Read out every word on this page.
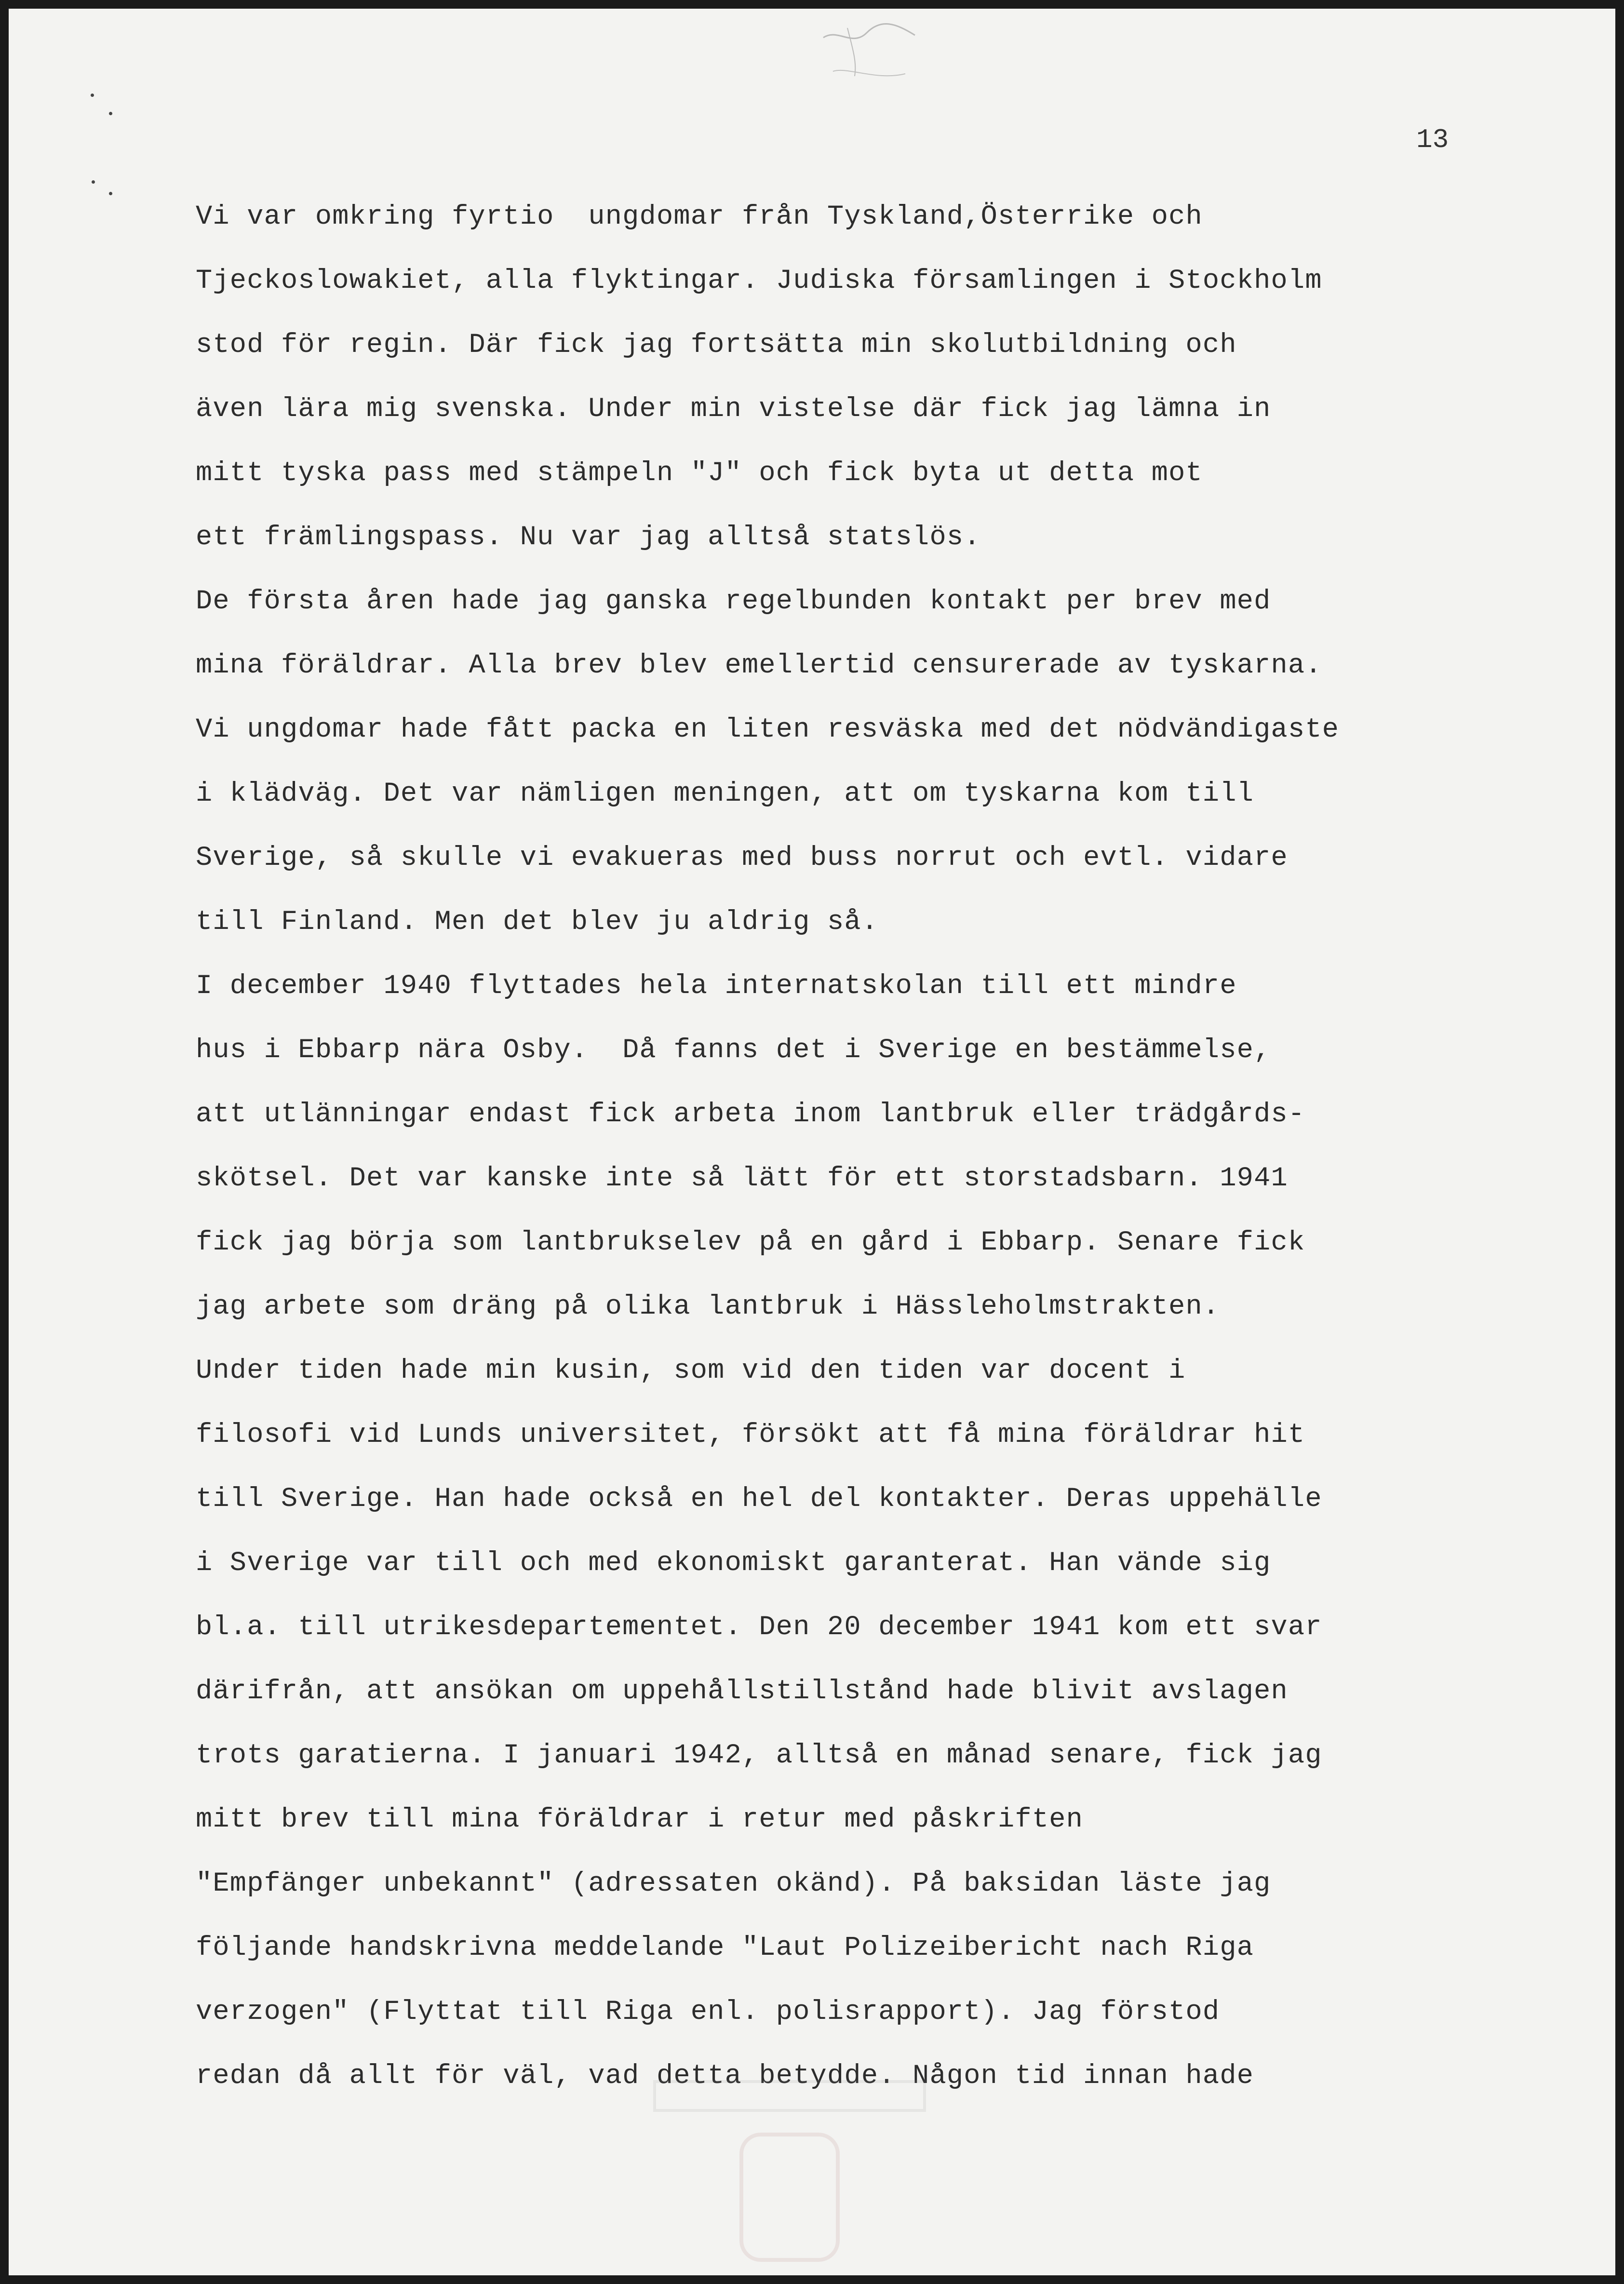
13
Vi var omkring fyrtio  ungdomar från Tyskland,Österrike och
Tjeckoslowakiet, alla flyktingar. Judiska församlingen i Stockholm
stod för regin. Där fick jag fortsätta min skolutbildning och
även lära mig svenska. Under min vistelse där fick jag lämna in
mitt tyska pass med stämpeln "J" och fick byta ut detta mot
ett främlingspass. Nu var jag alltså statslös.
De första åren hade jag ganska regelbunden kontakt per brev med
mina föräldrar. Alla brev blev emellertid censurerade av tyskarna.
Vi ungdomar hade fått packa en liten resväska med det nödvändigaste
i klädväg. Det var nämligen meningen, att om tyskarna kom till
Sverige, så skulle vi evakueras med buss norrut och evtl. vidare
till Finland. Men det blev ju aldrig så.
I december 1940 flyttades hela internatskolan till ett mindre
hus i Ebbarp nära Osby.  Då fanns det i Sverige en bestämmelse,
att utlänningar endast fick arbeta inom lantbruk eller trädgårds-
skötsel. Det var kanske inte så lätt för ett storstadsbarn. 1941
fick jag börja som lantbrukselev på en gård i Ebbarp. Senare fick
jag arbete som dräng på olika lantbruk i Hässleholmstrakten.
Under tiden hade min kusin, som vid den tiden var docent i
filosofi vid Lunds universitet, försökt att få mina föräldrar hit
till Sverige. Han hade också en hel del kontakter. Deras uppehälle
i Sverige var till och med ekonomiskt garanterat. Han vände sig
bl.a. till utrikesdepartementet. Den 20 december 1941 kom ett svar
därifrån, att ansökan om uppehållstillstånd hade blivit avslagen
trots garatierna. I januari 1942, alltså en månad senare, fick jag
mitt brev till mina föräldrar i retur med påskriften
"Empfänger unbekannt" (adressaten okänd). På baksidan läste jag
följande handskrivna meddelande "Laut Polizeibericht nach Riga
verzogen" (Flyttat till Riga enl. polisrapport). Jag förstod
redan då allt för väl, vad detta betydde. Någon tid innan hade
